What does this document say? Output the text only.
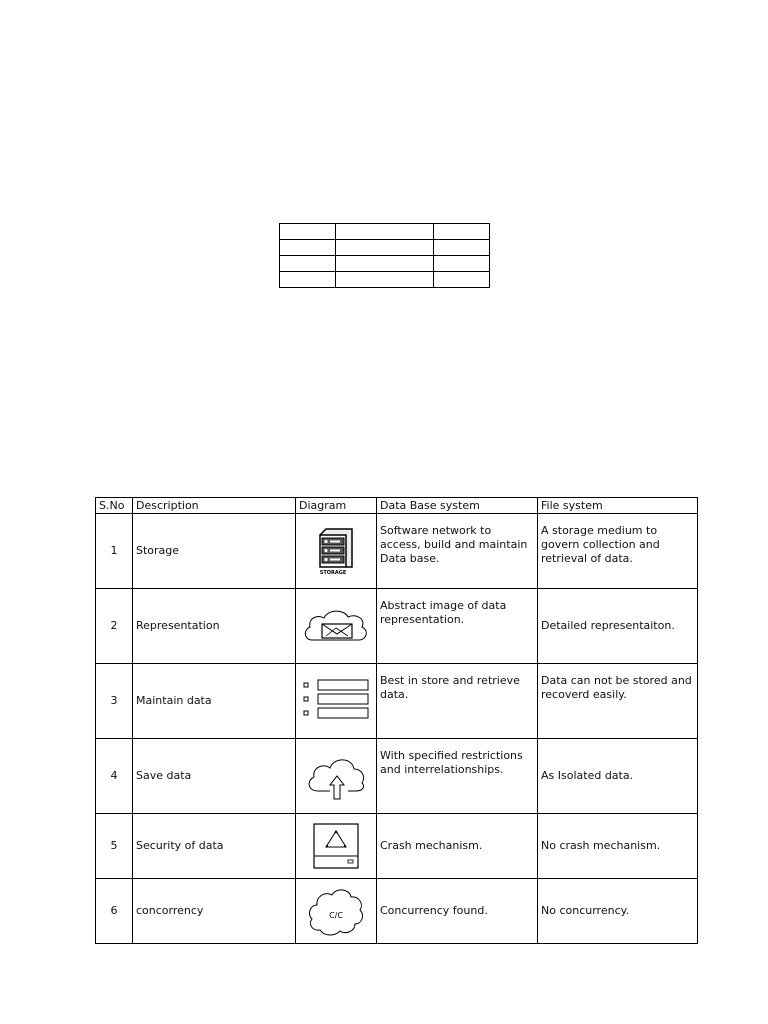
S.No	Description	Diagram	Data Base system	File system
1	Storage	STORAGE	Software network to access, build and maintain Data base.	A storage medium to govern collection and retrieval of data.
2	Representation		Abstract image of data representation.	Detailed representaiton.
3	Maintain data		Best in store and retrieve data.	Data can not be stored and recoverd easily.
4	Save data		With specified restrictions and interrelationships.	As Isolated data.
5	Security of data		Crash mechanism.	No crash mechanism.
6	concorrency	C/C	Concurrency found.	No concurrency.
